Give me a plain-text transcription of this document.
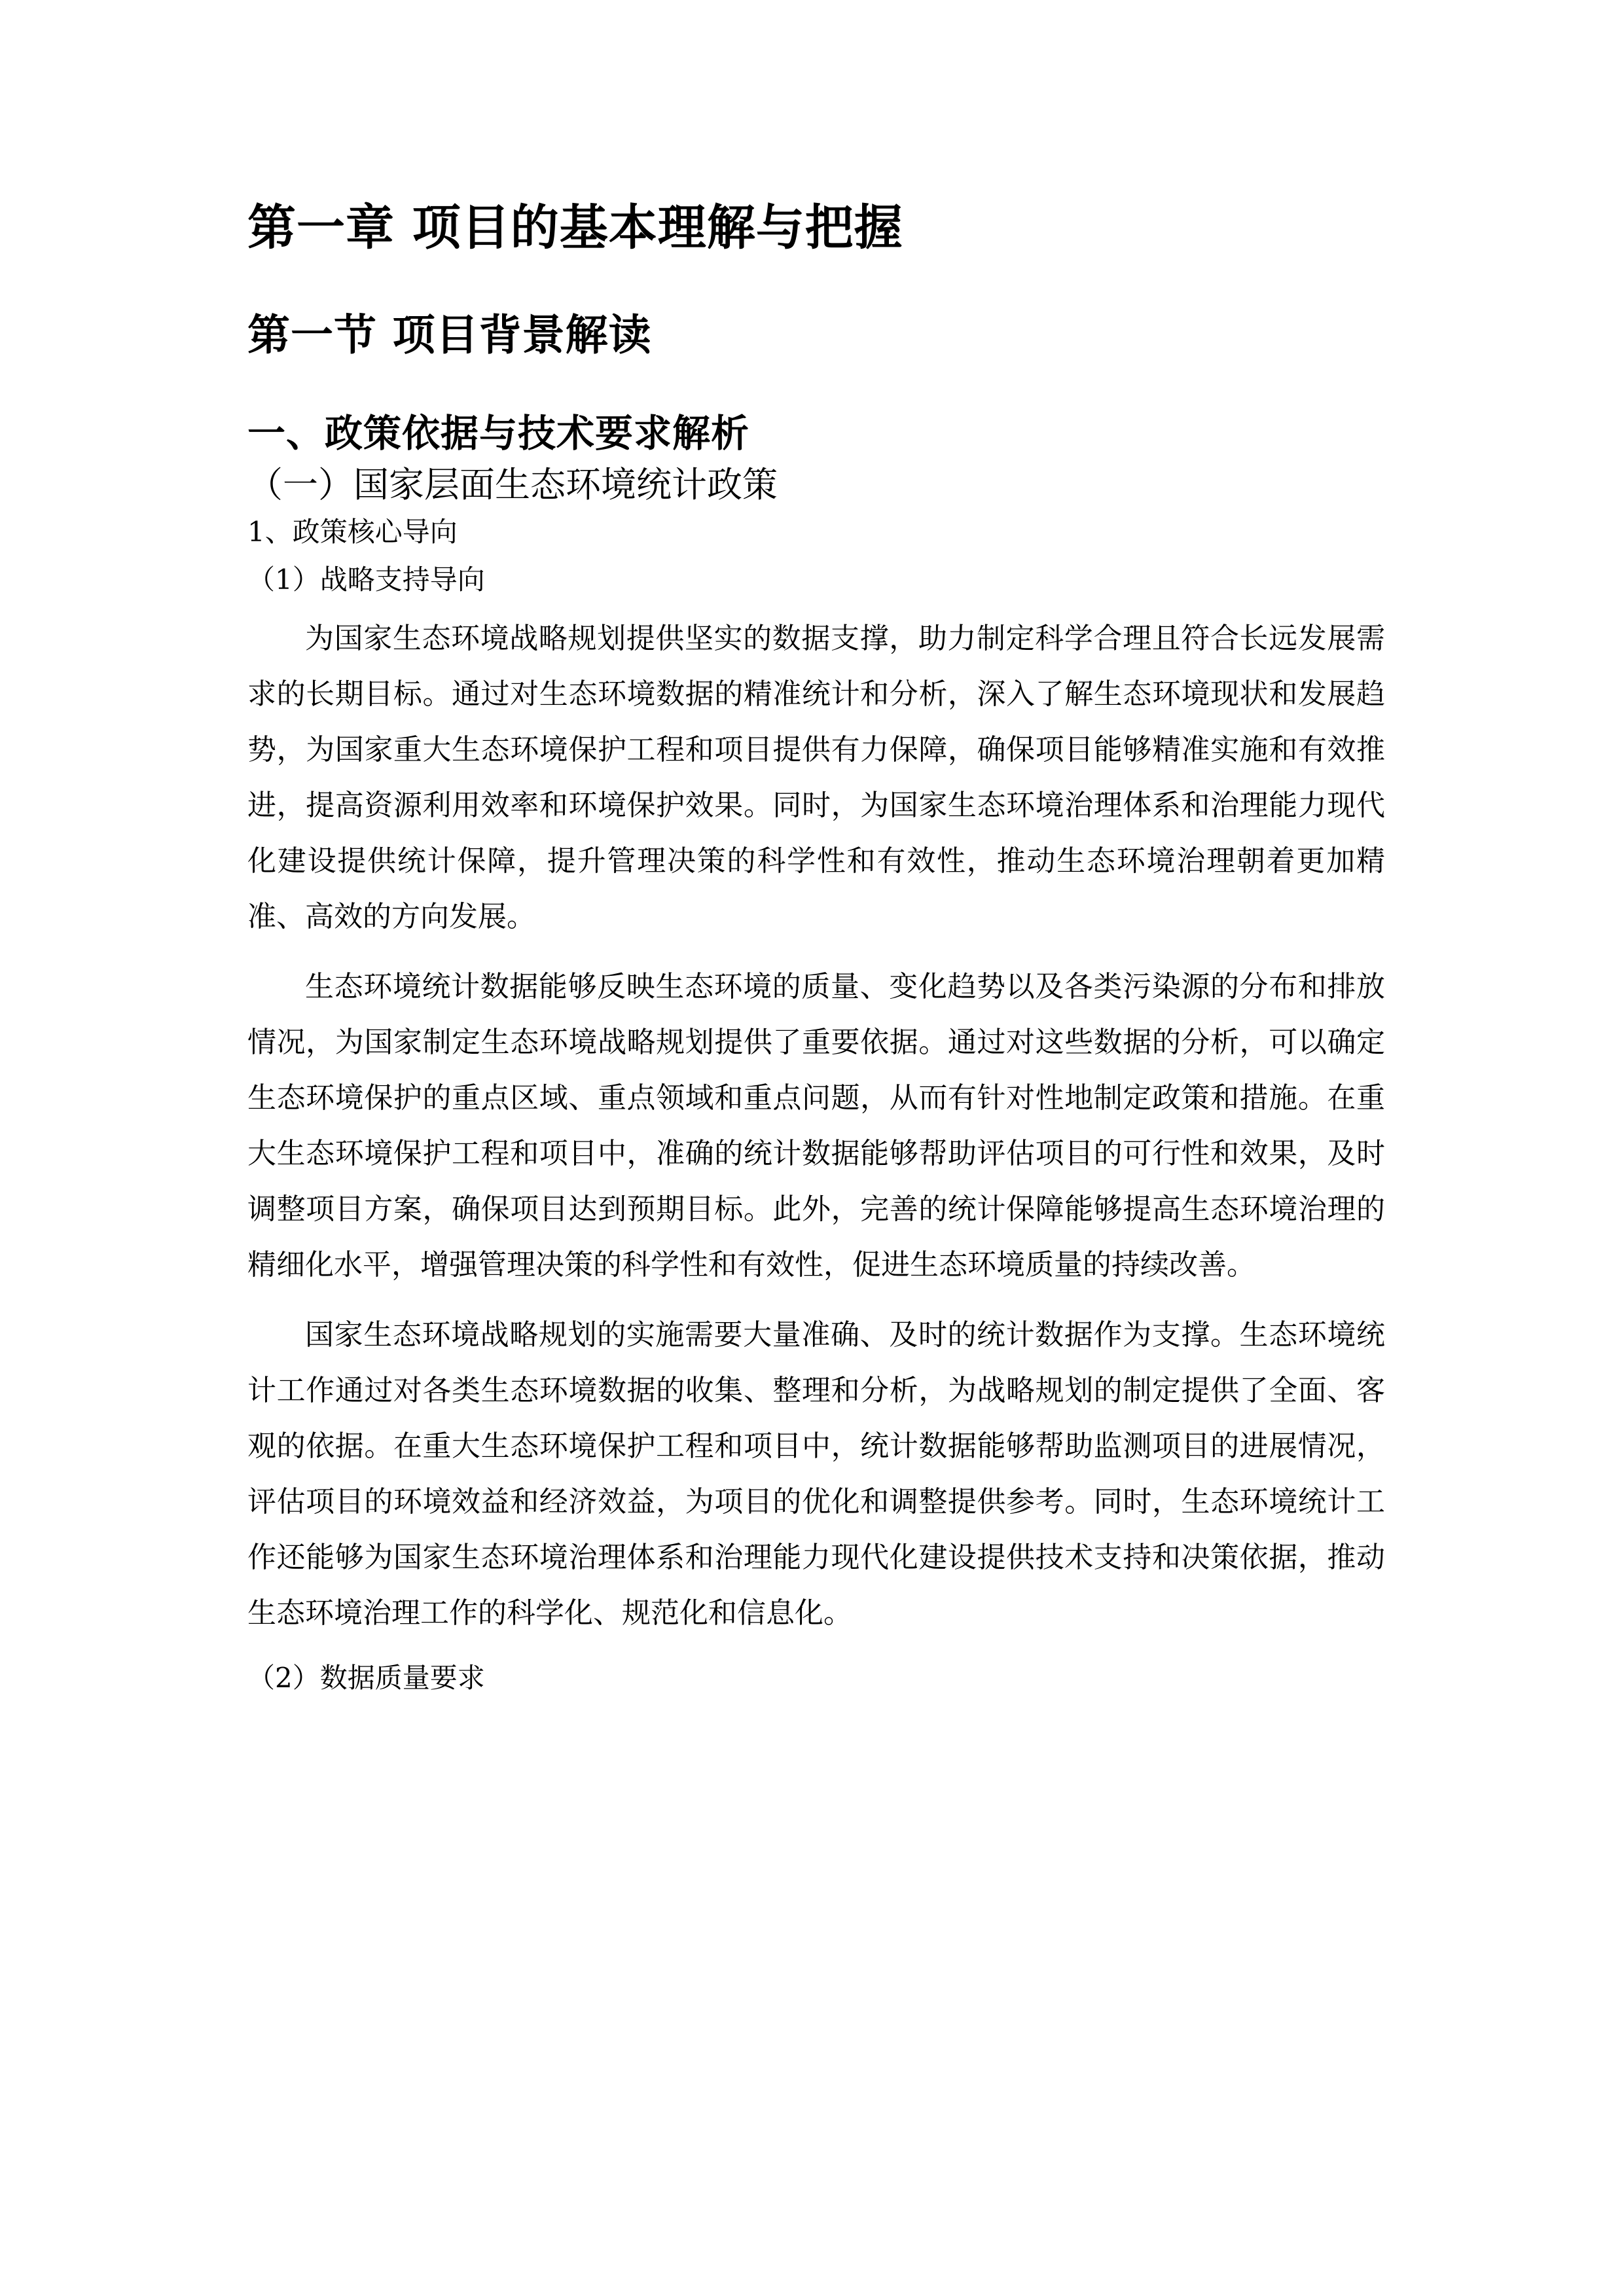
第一章 项目的基本理解与把握
第一节 项目背景解读
一、政策依据与技术要求解析
（一）国家层面生态环境统计政策
1、政策核心导向
（1）战略支持导向

为国家生态环境战略规划提供坚实的数据支撑，助力制定科学合理且符合长远发展需求的长期目标。通过对生态环境数据的精准统计和分析，深入了解生态环境现状和发展趋势，为国家重大生态环境保护工程和项目提供有力保障，确保项目能够精准实施和有效推进，提高资源利用效率和环境保护效果。同时，为国家生态环境治理体系和治理能力现代化建设提供统计保障，提升管理决策的科学性和有效性，推动生态环境治理朝着更加精准、高效的方向发展。

生态环境统计数据能够反映生态环境的质量、变化趋势以及各类污染源的分布和排放情况，为国家制定生态环境战略规划提供了重要依据。通过对这些数据的分析，可以确定生态环境保护的重点区域、重点领域和重点问题，从而有针对性地制定政策和措施。在重大生态环境保护工程和项目中，准确的统计数据能够帮助评估项目的可行性和效果，及时调整项目方案，确保项目达到预期目标。此外，完善的统计保障能够提高生态环境治理的精细化水平，增强管理决策的科学性和有效性，促进生态环境质量的持续改善。

国家生态环境战略规划的实施需要大量准确、及时的统计数据作为支撑。生态环境统计工作通过对各类生态环境数据的收集、整理和分析，为战略规划的制定提供了全面、客观的依据。在重大生态环境保护工程和项目中，统计数据能够帮助监测项目的进展情况，评估项目的环境效益和经济效益，为项目的优化和调整提供参考。同时，生态环境统计工作还能够为国家生态环境治理体系和治理能力现代化建设提供技术支持和决策依据，推动生态环境治理工作的科学化、规范化和信息化。

（2）数据质量要求
